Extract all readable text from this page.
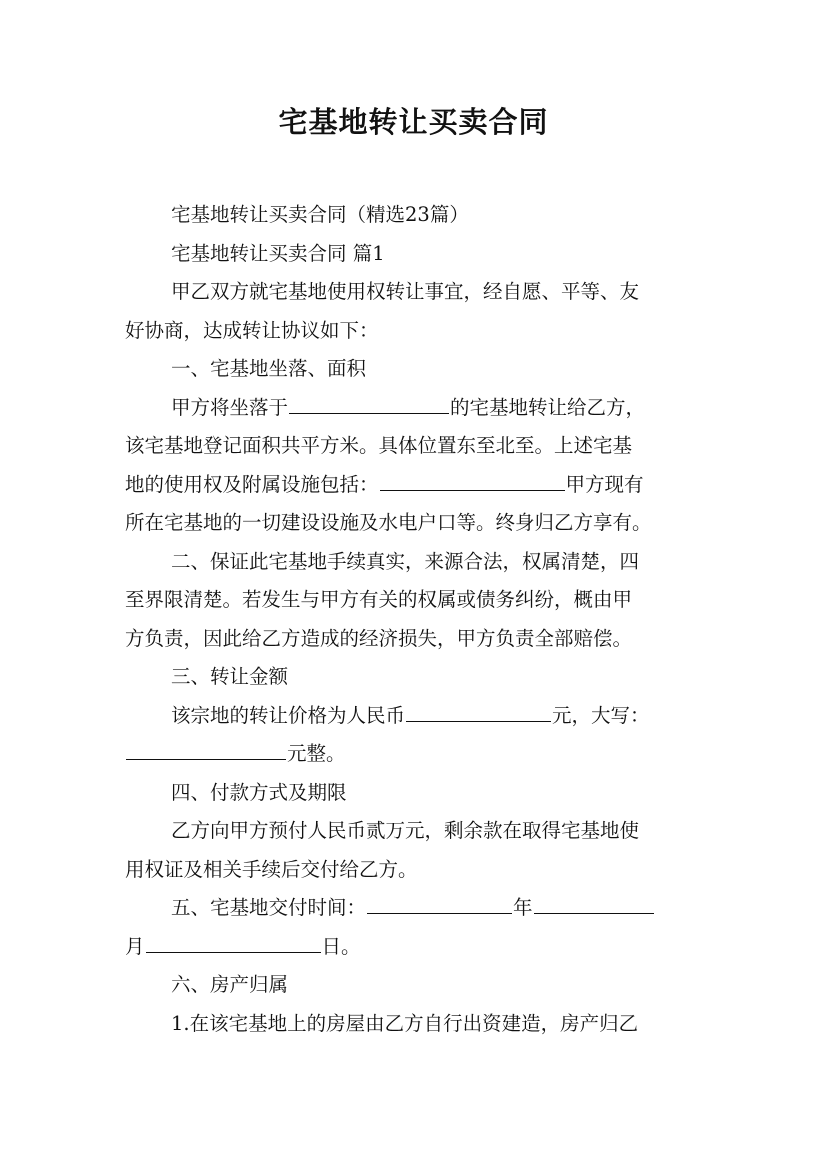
宅基地转让买卖合同

宅基地转让买卖合同（精选23篇）

宅基地转让买卖合同 篇1

甲乙双方就宅基地使用权转让事宜，经自愿、平等、友

好协商，达成转让协议如下：

一、宅基地坐落、面积

甲方将坐落于	的宅基地转让给乙方，

该宅基地登记面积共平方米。具体位置东至北至。上述宅基

地的使用权及附属设施包括：	甲方现有

所在宅基地的一切建设设施及水电户口等。终身归乙方享有。

二、保证此宅基地手续真实，来源合法，权属清楚，四

至界限清楚。若发生与甲方有关的权属或债务纠纷，概由甲

方负责，因此给乙方造成的经济损失，甲方负责全部赔偿。

三、转让金额

该宗地的转让价格为人民币	元，大写：

元整。

四、付款方式及期限

乙方向甲方预付人民币贰万元，剩余款在取得宅基地使

用权证及相关手续后交付给乙方。

五、宅基地交付时间：	年

月	日。

六、房产归属

1.在该宅基地上的房屋由乙方自行出资建造，房产归乙
